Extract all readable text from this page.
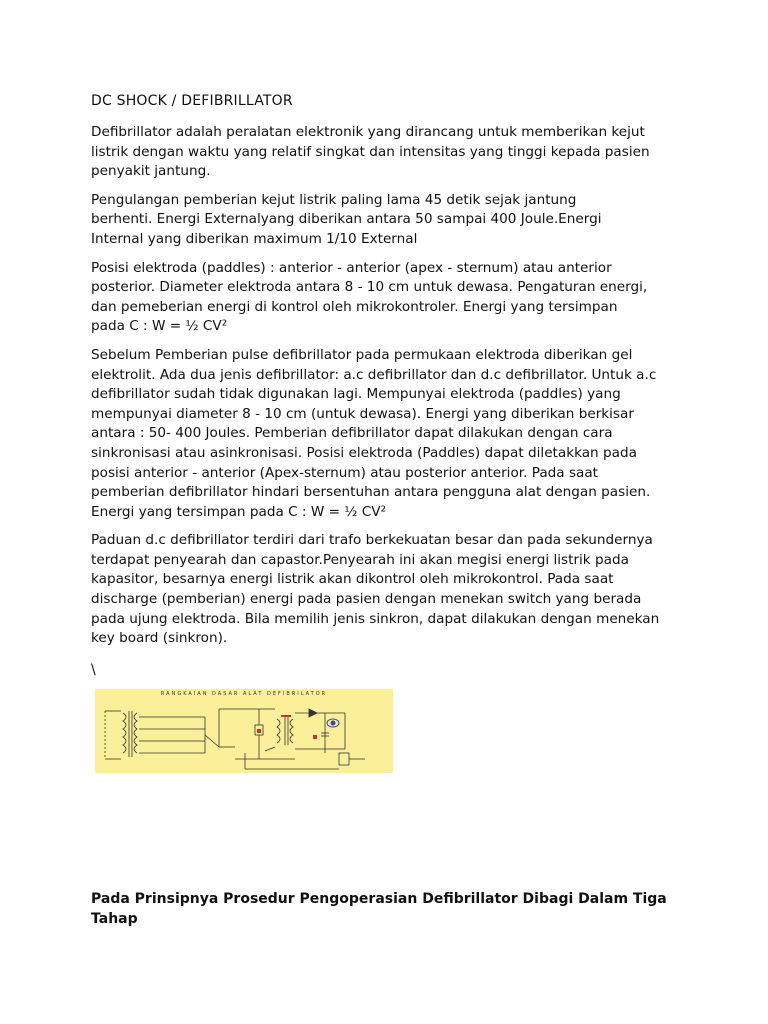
DC SHOCK / DEFIBRILLATOR

Defibrillator adalah peralatan elektronik yang dirancang untuk memberikan kejut
listrik dengan waktu yang relatif singkat dan intensitas yang tinggi kepada pasien
penyakit jantung.

Pengulangan pemberian kejut listrik paling lama 45 detik sejak jantung
berhenti. Energi Externalyang diberikan antara 50 sampai 400 Joule.Energi
Internal yang diberikan maximum 1/10 External

Posisi elektroda (paddles) : anterior - anterior (apex - sternum) atau anterior
posterior. Diameter elektroda antara 8 - 10 cm untuk dewasa. Pengaturan energi,
dan pemeberian energi di kontrol oleh mikrokontroler. Energi yang tersimpan
pada C : W = ½ CV²

Sebelum Pemberian pulse defibrillator pada permukaan elektroda diberikan gel
elektrolit. Ada dua jenis defibrillator: a.c defibrillator dan d.c defibrillator. Untuk a.c
defibrillator sudah tidak digunakan lagi. Mempunyai elektroda (paddles) yang
mempunyai diameter 8 - 10 cm (untuk dewasa). Energi yang diberikan berkisar
antara : 50- 400 Joules. Pemberian defibrillator dapat dilakukan dengan cara
sinkronisasi atau asinkronisasi. Posisi elektroda (Paddles) dapat diletakkan pada
posisi anterior - anterior (Apex-sternum) atau posterior anterior. Pada saat
pemberian defibrillator hindari bersentuhan antara pengguna alat dengan pasien.
Energi yang tersimpan pada C : W = ½ CV²

Paduan d.c defibrillator terdiri dari trafo berkekuatan besar dan pada sekundernya
terdapat penyearah dan capastor.Penyearah ini akan megisi energi listrik pada
kapasitor, besarnya energi listrik akan dikontrol oleh mikrokontrol. Pada saat
discharge (pemberian) energi pada pasien dengan menekan switch yang berada
pada ujung elektroda. Bila memilih jenis sinkron, dapat dilakukan dengan menekan
key board (sinkron).

\

RANGKAIAN DASAR ALAT DEFIBRILATOR

Pada Prinsipnya Prosedur Pengoperasian Defibrillator Dibagi Dalam Tiga
Tahap
